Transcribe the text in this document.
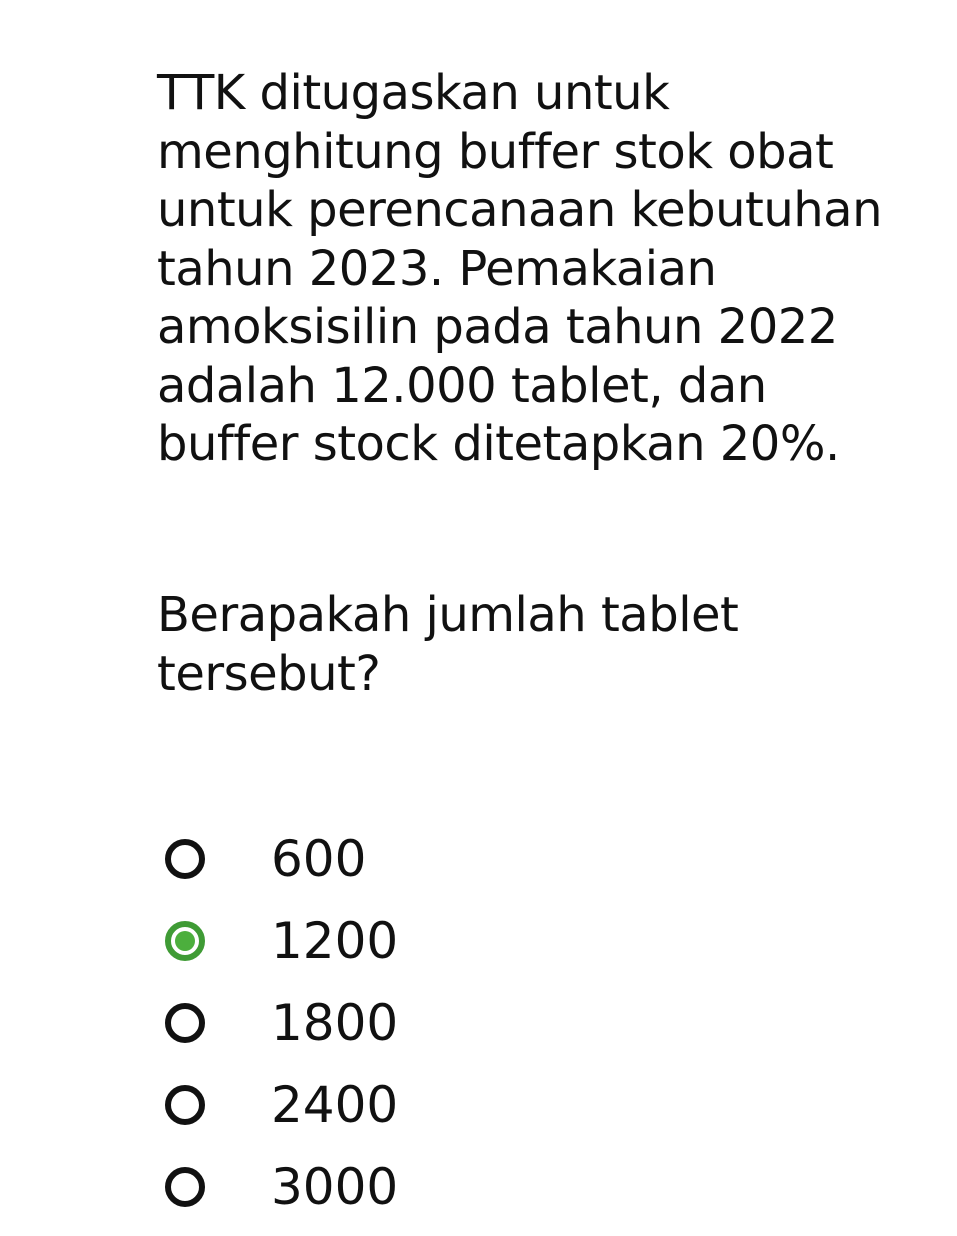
TTK ditugaskan untuk
menghitung buffer stok obat
untuk perencanaan kebutuhan
tahun 2023. Pemakaian
amoksisilin pada tahun 2022
adalah 12.000 tablet, dan
buffer stock ditetapkan 20%.
Berapakah jumlah tablet
tersebut?
600
1200
1800
2400
3000
